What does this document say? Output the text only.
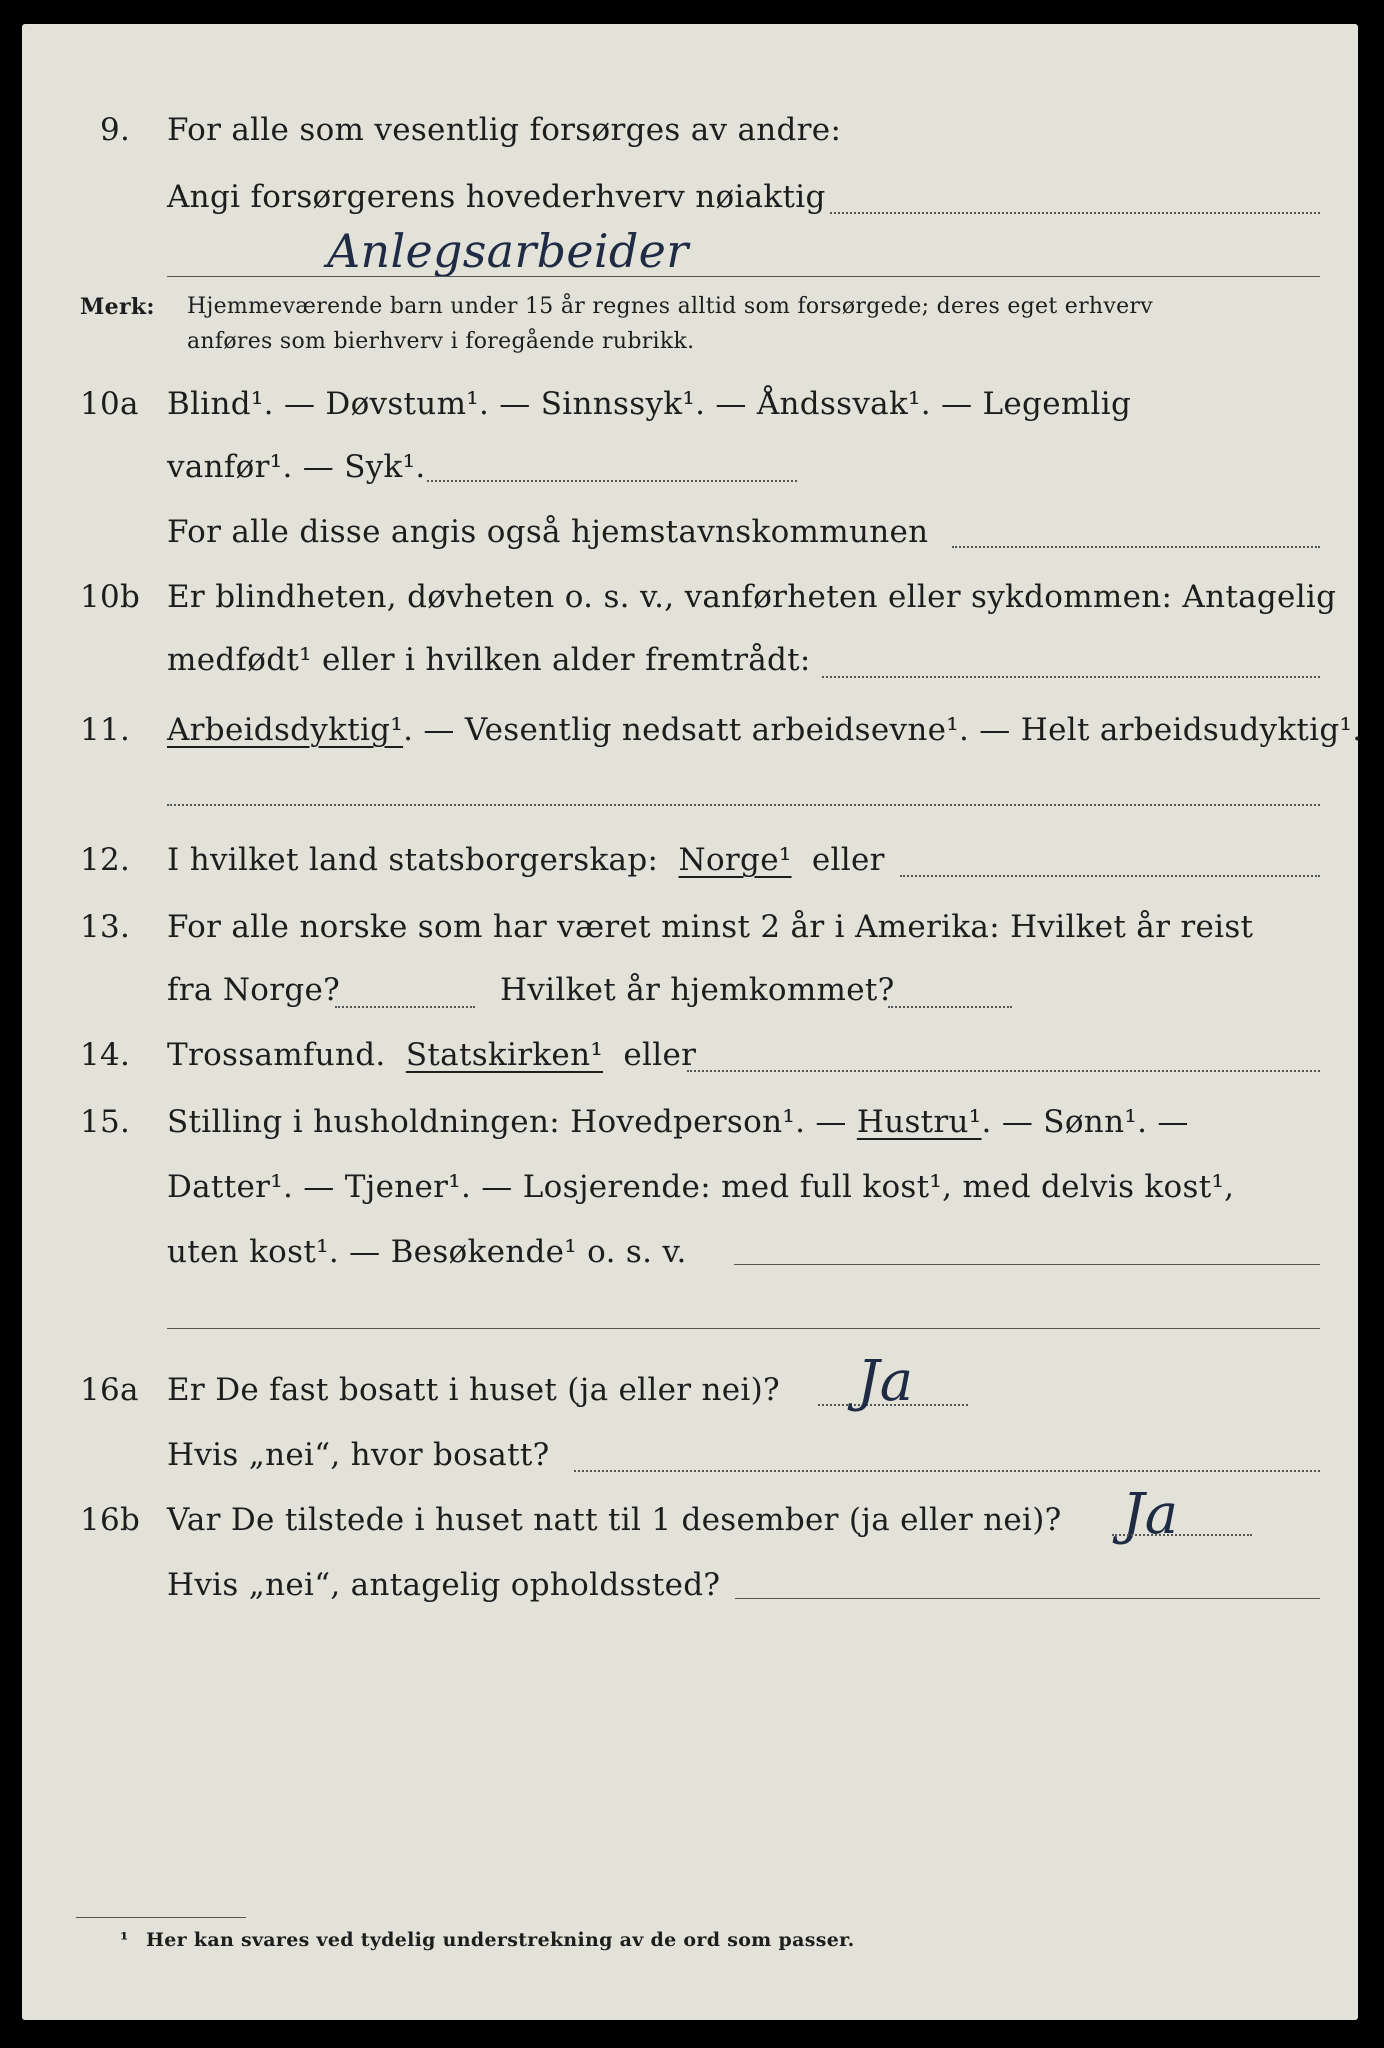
9. For alle som vesentlig forsørges av andre:
Angi forsørgerens hovederhverv nøiaktig
Anlegsarbeider
Merk: Hjemmeværende barn under 15 år regnes alltid som forsørgede; deres eget erhverv
anføres som bierhverv i foregående rubrikk.
10a Blind¹. — Døvstum¹. — Sinnssyk¹. — Åndssvak¹. — Legemlig
vanfør¹. — Syk¹.
For alle disse angis også hjemstavnskommunen
10b Er blindheten, døvheten o. s. v., vanførheten eller sykdommen: Antagelig
medfødt¹ eller i hvilken alder fremtrådt:
11. Arbeidsdyktig¹. — Vesentlig nedsatt arbeidsevne¹. — Helt arbeidsudyktig¹.
12. I hvilket land statsborgerskap: Norge¹ eller
13. For alle norske som har været minst 2 år i Amerika: Hvilket år reist
fra Norge?	Hvilket år hjemkommet?
14. Trossamfund. Statskirken¹ eller
15. Stilling i husholdningen: Hovedperson¹. — Hustru¹. — Sønn¹. —
Datter¹. — Tjener¹. — Losjerende: med full kost¹, med delvis kost¹,
uten kost¹. — Besøkende¹ o. s. v.
16a Er De fast bosatt i huset (ja eller nei)? Ja
Hvis „nei“, hvor bosatt?
16b Var De tilstede i huset natt til 1 desember (ja eller nei)? Ja
Hvis „nei“, antagelig opholdssted?
¹ Her kan svares ved tydelig understrekning av de ord som passer.
